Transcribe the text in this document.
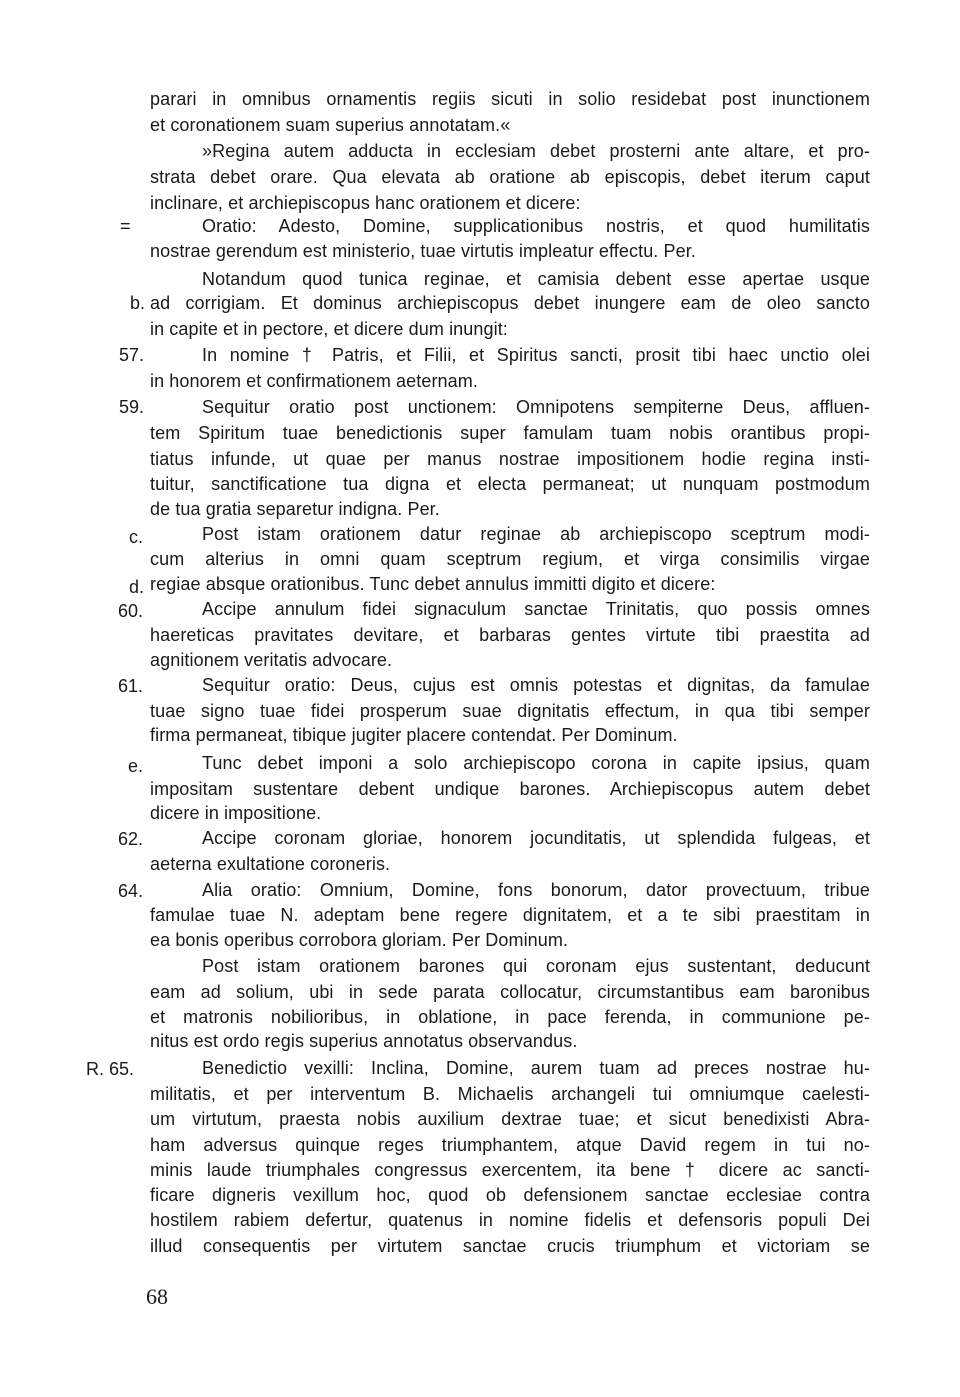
=
b.
57.
59.
c.
d.
60.
61.
e.
62.
64.
R. 65.
parari in omnibus ornamentis regiis sicuti in solio residebat post inunctionem
et coronationem suam superius annotatam.«
»Regina autem adducta in ecclesiam debet prosterni ante altare, et pro-
strata debet orare. Qua elevata ab oratione ab episcopis, debet iterum caput
inclinare, et archiepiscopus hanc orationem et dicere:
Oratio: Adesto, Domine, supplicationibus nostris, et quod humilitatis
nostrae gerendum est ministerio, tuae virtutis impleatur effectu. Per.
Notandum quod tunica reginae, et camisia debent esse apertae usque
ad corrigiam. Et dominus archiepiscopus debet inungere eam de oleo sancto
in capite et in pectore, et dicere dum inungit:
In nomine † Patris, et Filii, et Spiritus sancti, prosit tibi haec unctio olei
in honorem et confirmationem aeternam.
Sequitur oratio post unctionem: Omnipotens sempiterne Deus, affluen-
tem Spiritum tuae benedictionis super famulam tuam nobis orantibus propi-
tiatus infunde, ut quae per manus nostrae impositionem hodie regina insti-
tuitur, sanctificatione tua digna et electa permaneat; ut nunquam postmodum
de tua gratia separetur indigna. Per.
Post istam orationem datur reginae ab archiepiscopo sceptrum modi-
cum alterius in omni quam sceptrum regium, et virga consimilis virgae
regiae absque orationibus. Tunc debet annulus immitti digito et dicere:
Accipe annulum fidei signaculum sanctae Trinitatis, quo possis omnes
haereticas pravitates devitare, et barbaras gentes virtute tibi praestita ad
agnitionem veritatis advocare.
Sequitur oratio: Deus, cujus est omnis potestas et dignitas, da famulae
tuae signo tuae fidei prosperum suae dignitatis effectum, in qua tibi semper
firma permaneat, tibique jugiter placere contendat. Per Dominum.
Tunc debet imponi a solo archiepiscopo corona in capite ipsius, quam
impositam sustentare debent undique barones. Archiepiscopus autem debet
dicere in impositione.
Accipe coronam gloriae, honorem jocunditatis, ut splendida fulgeas, et
aeterna exultatione coroneris.
Alia oratio: Omnium, Domine, fons bonorum, dator provectuum, tribue
famulae tuae N. adeptam bene regere dignitatem, et a te sibi praestitam in
ea bonis operibus corrobora gloriam. Per Dominum.
Post istam orationem barones qui coronam ejus sustentant, deducunt
eam ad solium, ubi in sede parata collocatur, circumstantibus eam baronibus
et matronis nobilioribus, in oblatione, in pace ferenda, in communione pe-
nitus est ordo regis superius annotatus observandus.
Benedictio vexilli: Inclina, Domine, aurem tuam ad preces nostrae hu-
militatis, et per interventum B. Michaelis archangeli tui omniumque caelesti-
um virtutum, praesta nobis auxilium dextrae tuae; et sicut benedixisti Abra-
ham adversus quinque reges triumphantem, atque David regem in tui no-
minis laude triumphales congressus exercentem, ita bene † dicere ac sancti-
ficare digneris vexillum hoc, quod ob defensionem sanctae ecclesiae contra
hostilem rabiem defertur, quatenus in nomine fidelis et defensoris populi Dei
illud consequentis per virtutem sanctae crucis triumphum et victoriam se
68
